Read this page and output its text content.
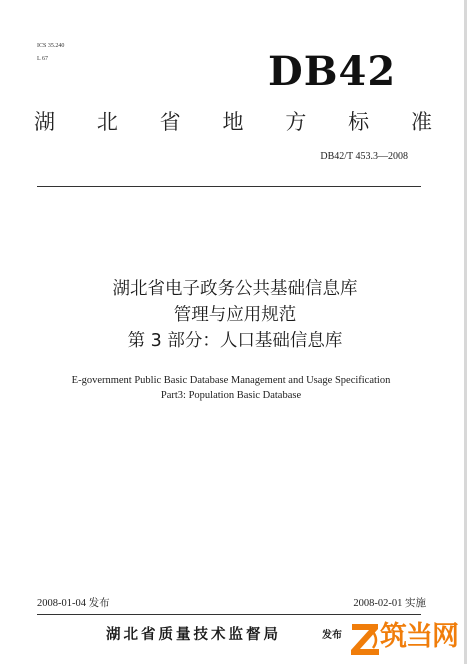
ICS 35.240
L 67	DB42
湖 北 省 地 方 标 准
DB42/T 453.3—2008
湖北省电子政务公共基础信息库
管理与应用规范
第 3 部分：人口基础信息库
E-government Public Basic Database Management and Usage Specification
Part3: Population Basic Database
2008-01-04 发布	2008-02-01 实施
湖北省质量技术监督局	发布 筑当网
